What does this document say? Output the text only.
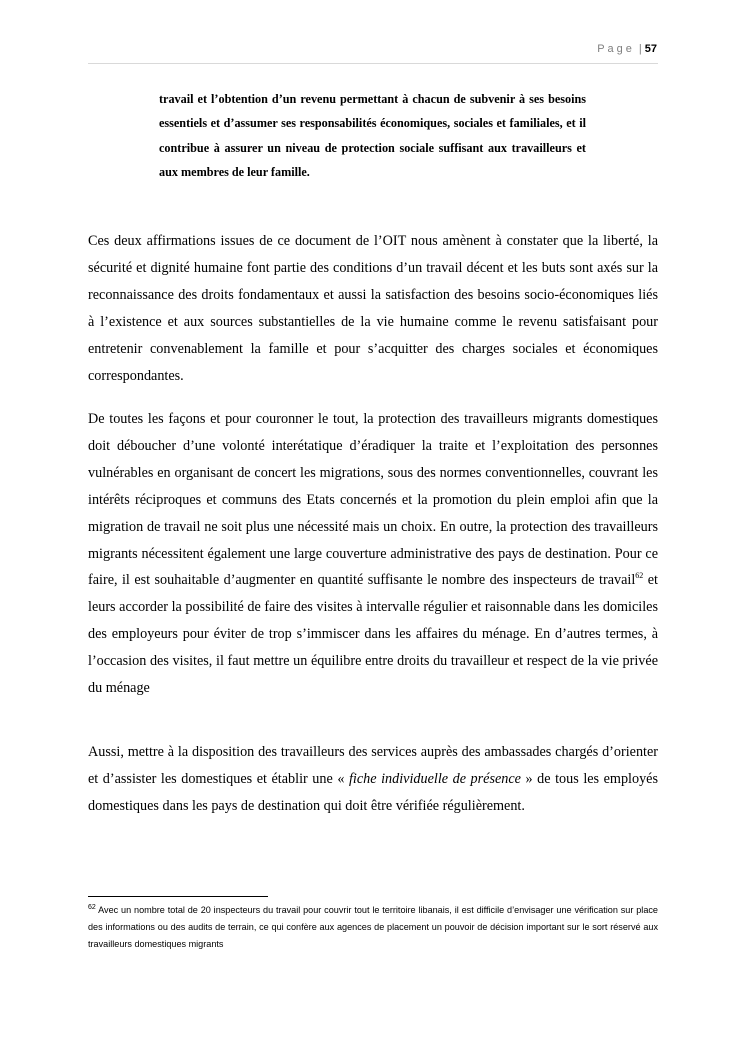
Page | 57

travail et l’obtention d’un revenu permettant à chacun de subvenir à ses besoins essentiels et d’assumer ses responsabilités économiques, sociales et familiales, et il contribue à assurer un niveau de protection sociale suffisant aux travailleurs et aux membres de leur famille.

Ces deux affirmations issues de ce document de l’OIT nous amènent à constater que la liberté, la sécurité et dignité humaine font partie des conditions d’un travail décent et les buts sont axés sur la reconnaissance des droits fondamentaux et aussi la satisfaction des besoins socio-économiques liés à l’existence et aux sources substantielles de la vie humaine comme le revenu satisfaisant pour entretenir convenablement la famille et pour s’acquitter des charges sociales et économiques correspondantes.

De toutes les façons et pour couronner le tout, la protection des travailleurs migrants domestiques doit déboucher d’une volonté interétatique d’éradiquer la traite et l’exploitation des personnes vulnérables en organisant de concert les migrations, sous des normes conventionnelles, couvrant les intérêts réciproques et communs des Etats concernés et la promotion du plein emploi afin que la migration de travail ne soit plus une nécessité mais un choix. En outre, la protection des travailleurs migrants nécessitent également une large couverture administrative des pays de destination. Pour ce faire, il est souhaitable d’augmenter en quantité suffisante le nombre des inspecteurs de travail$^{62}$ et leurs accorder la possibilité de faire des visites à intervalle régulier et raisonnable dans les domiciles des employeurs pour éviter de trop s’immiscer dans les affaires du ménage. En d’autres termes, à l’occasion des visites, il faut mettre un équilibre entre droits du travailleur et respect de la vie privée du ménage

Aussi, mettre à la disposition des travailleurs des services auprès des ambassades chargés d’orienter et d’assister les domestiques et établir une « fiche individuelle de présence » de tous les employés domestiques dans les pays de destination qui doit être vérifiée régulièrement.

$^{62}$ Avec un nombre total de 20 inspecteurs du travail pour couvrir tout le territoire libanais, il est difficile d’envisager une vérification sur place des informations ou des audits de terrain, ce qui confère aux agences de placement un pouvoir de décision important sur le sort réservé aux travailleurs domestiques migrants
